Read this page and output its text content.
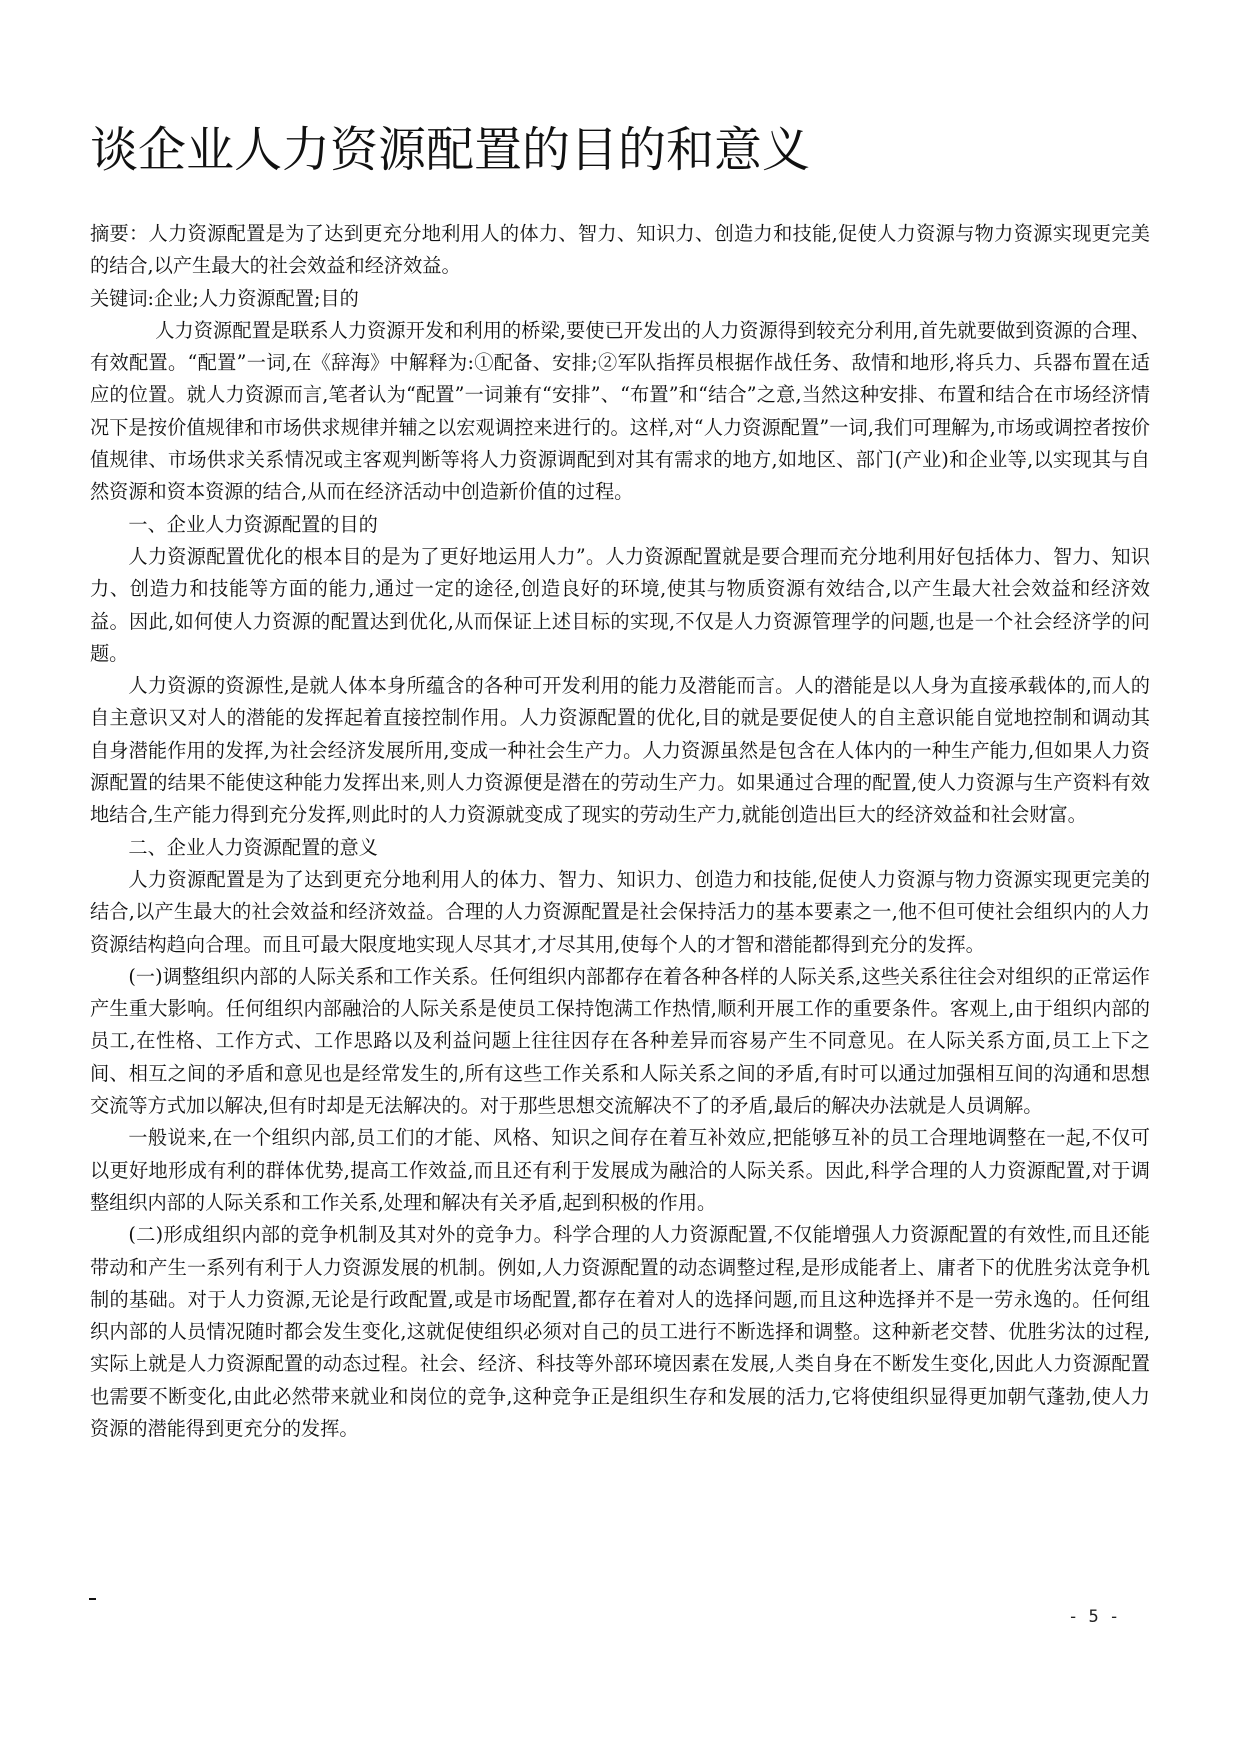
谈企业人力资源配置的目的和意义

摘要：人力资源配置是为了达到更充分地利用人的体力、智力、知识力、创造力和技能,促使人力资源与物力资源实现更完美的结合,以产生最大的社会效益和经济效益。

关键词:企业;人力资源配置;目的

人力资源配置是联系人力资源开发和利用的桥梁,要使已开发出的人力资源得到较充分利用,首先就要做到资源的合理、有效配置。“配置”一词,在《辞海》中解释为:①配备、安排;②军队指挥员根据作战任务、敌情和地形,将兵力、兵器布置在适应的位置。就人力资源而言,笔者认为“配置”一词兼有“安排”、“布置”和“结合”之意,当然这种安排、布置和结合在市场经济情况下是按价值规律和市场供求规律并辅之以宏观调控来进行的。这样,对“人力资源配置”一词,我们可理解为,市场或调控者按价值规律、市场供求关系情况或主客观判断等将人力资源调配到对其有需求的地方,如地区、部门(产业)和企业等,以实现其与自然资源和资本资源的结合,从而在经济活动中创造新价值的过程。

一、企业人力资源配置的目的

人力资源配置优化的根本目的是为了更好地运用人力”。人力资源配置就是要合理而充分地利用好包括体力、智力、知识力、创造力和技能等方面的能力,通过一定的途径,创造良好的环境,使其与物质资源有效结合,以产生最大社会效益和经济效益。因此,如何使人力资源的配置达到优化,从而保证上述目标的实现,不仅是人力资源管理学的问题,也是一个社会经济学的问题。

人力资源的资源性,是就人体本身所蕴含的各种可开发利用的能力及潜能而言。人的潜能是以人身为直接承载体的,而人的自主意识又对人的潜能的发挥起着直接控制作用。人力资源配置的优化,目的就是要促使人的自主意识能自觉地控制和调动其自身潜能作用的发挥,为社会经济发展所用,变成一种社会生产力。人力资源虽然是包含在人体内的一种生产能力,但如果人力资源配置的结果不能使这种能力发挥出来,则人力资源便是潜在的劳动生产力。如果通过合理的配置,使人力资源与生产资料有效地结合,生产能力得到充分发挥,则此时的人力资源就变成了现实的劳动生产力,就能创造出巨大的经济效益和社会财富。

二、企业人力资源配置的意义

人力资源配置是为了达到更充分地利用人的体力、智力、知识力、创造力和技能,促使人力资源与物力资源实现更完美的结合,以产生最大的社会效益和经济效益。合理的人力资源配置是社会保持活力的基本要素之一,他不但可使社会组织内的人力资源结构趋向合理。而且可最大限度地实现人尽其才,才尽其用,使每个人的才智和潜能都得到充分的发挥。

(一)调整组织内部的人际关系和工作关系。任何组织内部都存在着各种各样的人际关系,这些关系往往会对组织的正常运作产生重大影响。任何组织内部融洽的人际关系是使员工保持饱满工作热情,顺利开展工作的重要条件。客观上,由于组织内部的员工,在性格、工作方式、工作思路以及利益问题上往往因存在各种差异而容易产生不同意见。在人际关系方面,员工上下之间、相互之间的矛盾和意见也是经常发生的,所有这些工作关系和人际关系之间的矛盾,有时可以通过加强相互间的沟通和思想交流等方式加以解决,但有时却是无法解决的。对于那些思想交流解决不了的矛盾,最后的解决办法就是人员调解。

一般说来,在一个组织内部,员工们的才能、风格、知识之间存在着互补效应,把能够互补的员工合理地调整在一起,不仅可以更好地形成有利的群体优势,提高工作效益,而且还有利于发展成为融洽的人际关系。因此,科学合理的人力资源配置,对于调整组织内部的人际关系和工作关系,处理和解决有关矛盾,起到积极的作用。

(二)形成组织内部的竞争机制及其对外的竞争力。科学合理的人力资源配置,不仅能增强人力资源配置的有效性,而且还能带动和产生一系列有利于人力资源发展的机制。例如,人力资源配置的动态调整过程,是形成能者上、庸者下的优胜劣汰竞争机制的基础。对于人力资源,无论是行政配置,或是市场配置,都存在着对人的选择问题,而且这种选择并不是一劳永逸的。任何组织内部的人员情况随时都会发生变化,这就促使组织必须对自己的员工进行不断选择和调整。这种新老交替、优胜劣汰的过程,实际上就是人力资源配置的动态过程。社会、经济、科技等外部环境因素在发展,人类自身在不断发生变化,因此人力资源配置也需要不断变化,由此必然带来就业和岗位的竞争,这种竞争正是组织生存和发展的活力,它将使组织显得更加朝气蓬勃,使人力资源的潜能得到更充分的发挥。

- 5 -
